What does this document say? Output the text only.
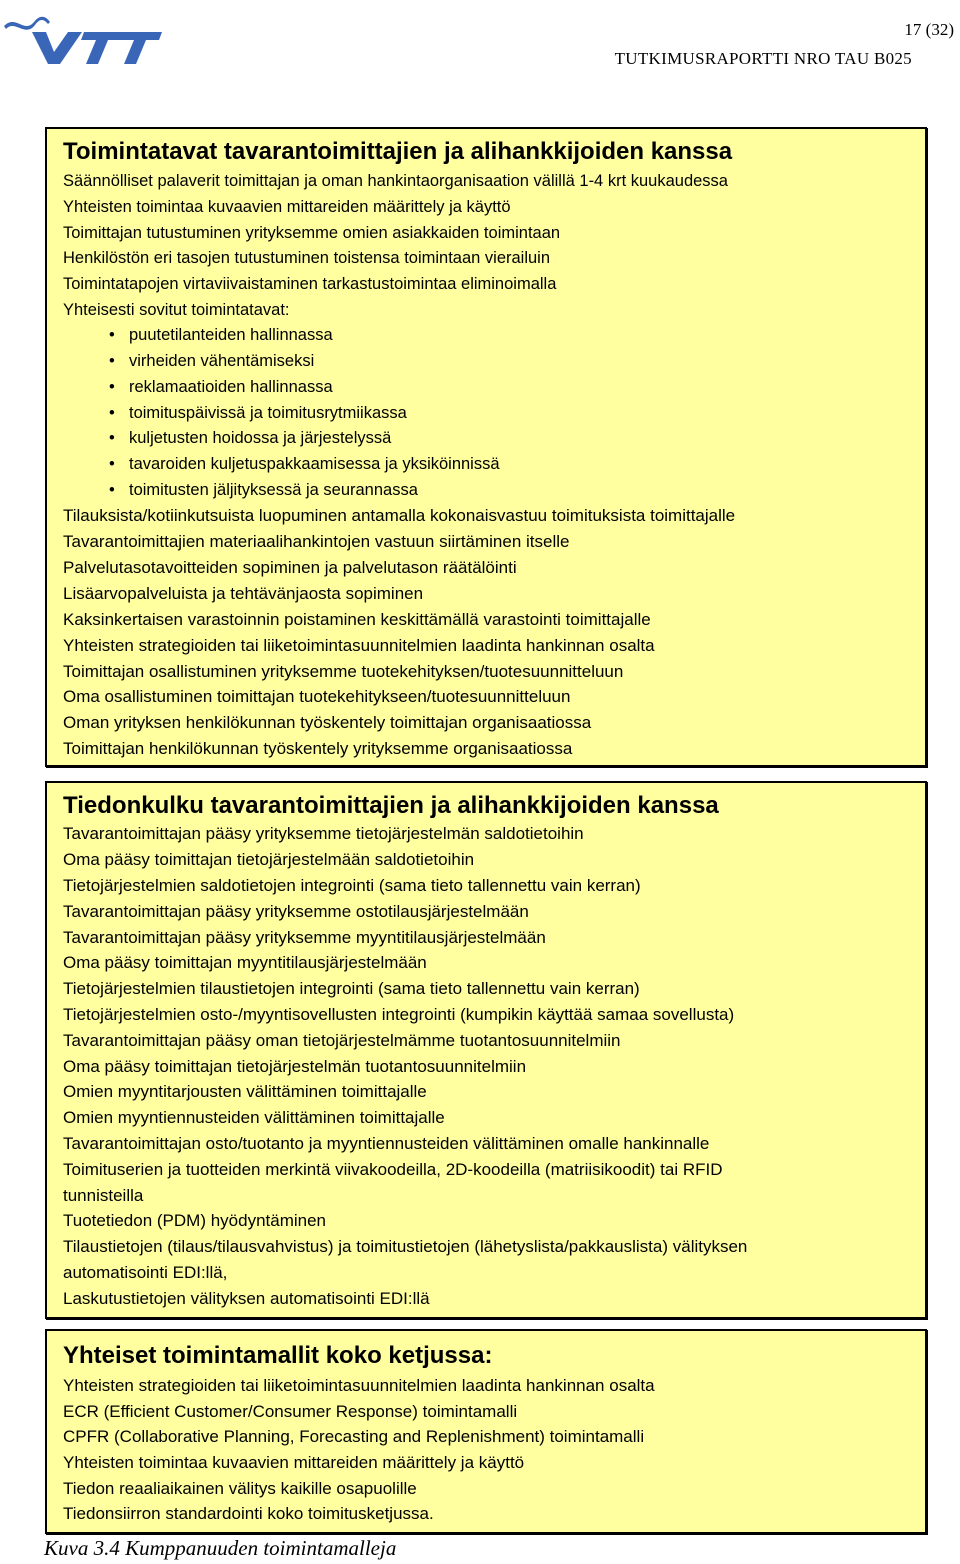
17 (32)
TUTKIMUSRAPORTTI NRO TAU B025
Toimintatavat tavarantoimittajien ja alihankkijoiden kanssa
Säännölliset palaverit toimittajan ja oman hankintaorganisaation välillä 1-4 krt kuukaudessa
Yhteisten toimintaa kuvaavien mittareiden määrittely ja käyttö
Toimittajan tutustuminen yrityksemme omien asiakkaiden toimintaan
Henkilöstön eri tasojen tutustuminen toistensa toimintaan vierailuin
Toimintatapojen virtaviivaistaminen tarkastustoimintaa eliminoimalla
Yhteisesti sovitut toimintatavat:
• puutetilanteiden hallinnassa
• virheiden vähentämiseksi
• reklamaatioiden hallinnassa
• toimituspäivissä ja toimitusrytmiikassa
• kuljetusten hoidossa ja järjestelyssä
• tavaroiden kuljetuspakkaamisessa ja yksiköinnissä
• toimitusten jäljityksessä ja seurannassa
Tilauksista/kotiinkutsuista luopuminen antamalla kokonaisvastuu toimituksista toimittajalle
Tavarantoimittajien materiaalihankintojen vastuun siirtäminen itselle
Palvelutasotavoitteiden sopiminen ja palvelutason räätälöinti
Lisäarvopalveluista ja tehtävänjaosta sopiminen
Kaksinkertaisen varastoinnin poistaminen keskittämällä varastointi toimittajalle
Yhteisten strategioiden tai liiketoimintasuunnitelmien laadinta hankinnan osalta
Toimittajan osallistuminen yrityksemme tuotekehityksen/tuotesuunnitteluun
Oma osallistuminen toimittajan tuotekehitykseen/tuotesuunnitteluun
Oman yrityksen henkilökunnan työskentely toimittajan organisaatiossa
Toimittajan henkilökunnan työskentely yrityksemme organisaatiossa
Tiedonkulku tavarantoimittajien ja alihankkijoiden kanssa
Tavarantoimittajan pääsy yrityksemme tietojärjestelmän saldotietoihin
Oma pääsy toimittajan tietojärjestelmään saldotietoihin
Tietojärjestelmien saldotietojen integrointi (sama tieto tallennettu vain kerran)
Tavarantoimittajan pääsy yrityksemme ostotilausjärjestelmään
Tavarantoimittajan pääsy yrityksemme myyntitilausjärjestelmään
Oma pääsy toimittajan myyntitilausjärjestelmään
Tietojärjestelmien tilaustietojen integrointi (sama tieto tallennettu vain kerran)
Tietojärjestelmien osto-/myyntisovellusten integrointi (kumpikin käyttää samaa sovellusta)
Tavarantoimittajan pääsy oman tietojärjestelmämme tuotantosuunnitelmiin
Oma pääsy toimittajan tietojärjestelmän tuotantosuunnitelmiin
Omien myyntitarjousten välittäminen toimittajalle
Omien myyntiennusteiden välittäminen toimittajalle
Tavarantoimittajan osto/tuotanto ja myyntiennusteiden välittäminen omalle hankinnalle
Toimituserien ja tuotteiden merkintä viivakoodeilla, 2D-koodeilla (matriisikoodit) tai RFID
tunnisteilla
Tuotetiedon (PDM) hyödyntäminen
Tilaustietojen (tilaus/tilausvahvistus) ja toimitustietojen (lähetyslista/pakkauslista) välityksen
automatisointi EDI:llä,
Laskutustietojen välityksen automatisointi EDI:llä
Yhteiset toimintamallit koko ketjussa:
Yhteisten strategioiden tai liiketoimintasuunnitelmien laadinta hankinnan osalta
ECR (Efficient Customer/Consumer Response) toimintamalli
CPFR (Collaborative Planning, Forecasting and Replenishment) toimintamalli
Yhteisten toimintaa kuvaavien mittareiden määrittely ja käyttö
Tiedon reaaliaikainen välitys kaikille osapuolille
Tiedonsiirron standardointi koko toimitusketjussa.
Kuva 3.4 Kumppanuuden toimintamalleja
